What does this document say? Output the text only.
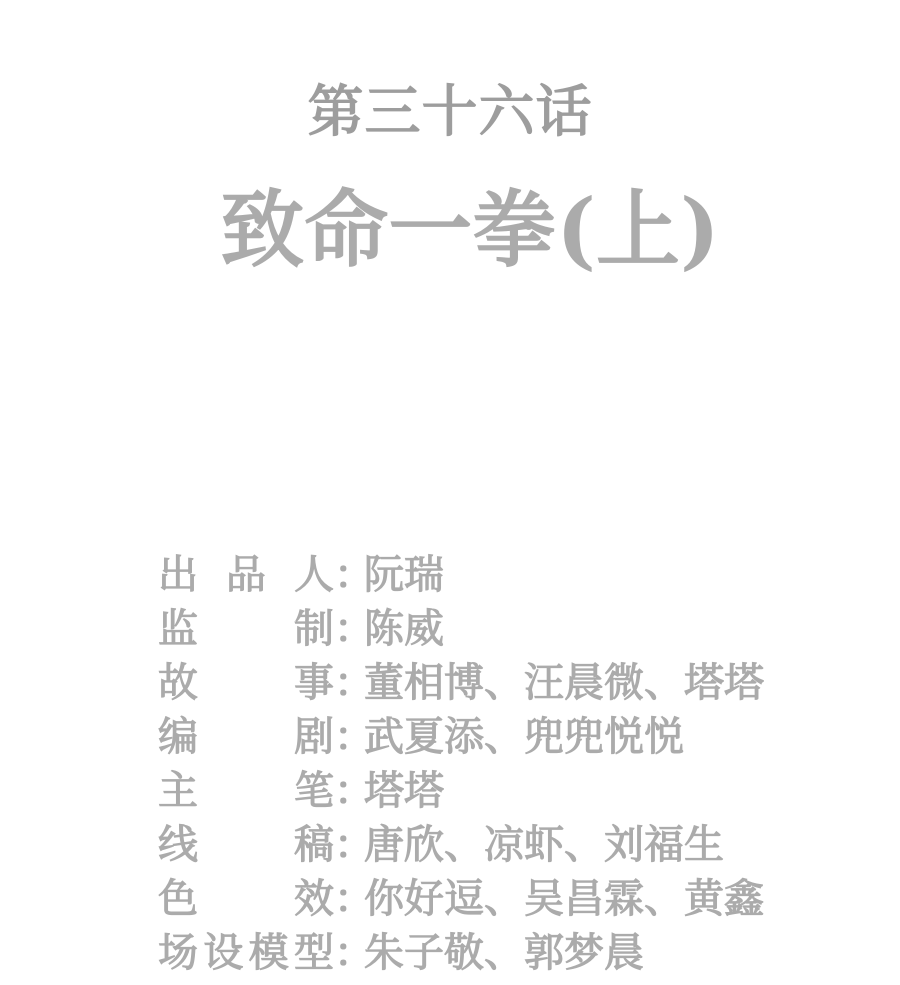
第三十六话
致命一拳(上)
出品人 ：
阮瑞
监制 ：
陈威
故事 ：
董相博、汪晨微、塔塔
编剧 ：
武夏添、兜兜悦悦
主笔 ：
塔塔
线稿 ：
唐欣、凉虾、刘福生
色效 ：
你好逗、吴昌霖、黄鑫
场设模型 ：
朱子敬、郭梦晨
